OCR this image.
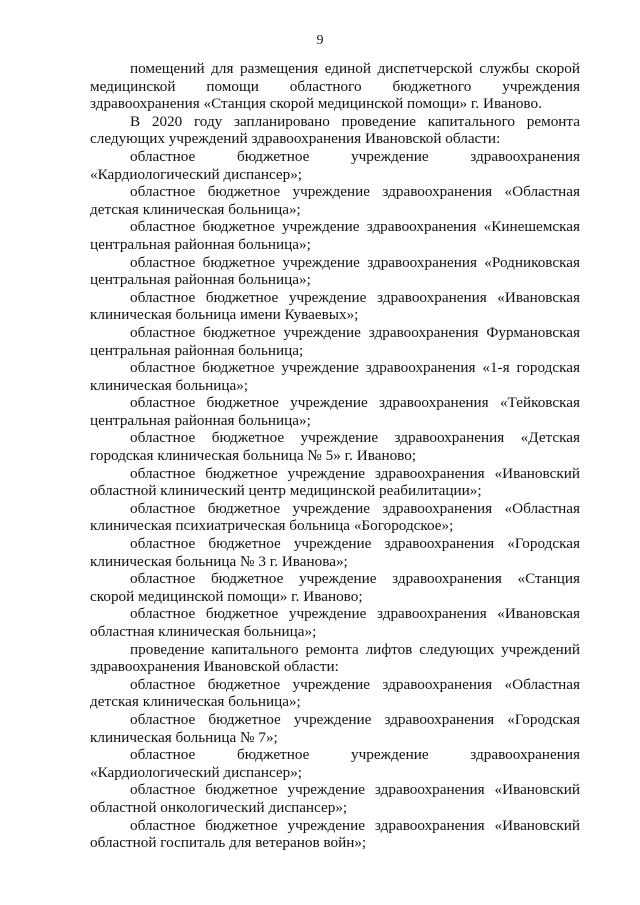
9

помещений для размещения единой диспетчерской службы скорой медицинской помощи областного бюджетного учреждения здравоохранения «Станция скорой медицинской помощи» г. Иваново.

В 2020 году запланировано проведение капитального ремонта следующих учреждений здравоохранения Ивановской области:

областное бюджетное учреждение здравоохранения «Кардиологический диспансер»;

областное бюджетное учреждение здравоохранения «Областная детская клиническая больница»;

областное бюджетное учреждение здравоохранения «Кинешемская центральная районная больница»;

областное бюджетное учреждение здравоохранения «Родниковская центральная районная больница»;

областное бюджетное учреждение здравоохранения «Ивановская клиническая больница имени Куваевых»;

областное бюджетное учреждение здравоохранения Фурмановская центральная районная больница;

областное бюджетное учреждение здравоохранения «1-я городская клиническая больница»;

областное бюджетное учреждение здравоохранения «Тейковская центральная районная больница»;

областное бюджетное учреждение здравоохранения «Детская городская клиническая больница № 5» г. Иваново;

областное бюджетное учреждение здравоохранения «Ивановский областной клинический центр медицинской реабилитации»;

областное бюджетное учреждение здравоохранения «Областная клиническая психиатрическая больница «Богородское»;

областное бюджетное учреждение здравоохранения «Городская клиническая больница № 3 г. Иванова»;

областное бюджетное учреждение здравоохранения «Станция скорой медицинской помощи» г. Иваново;

областное бюджетное учреждение здравоохранения «Ивановская областная клиническая больница»;

проведение капитального ремонта лифтов следующих учреждений здравоохранения Ивановской области:

областное бюджетное учреждение здравоохранения «Областная детская клиническая больница»;

областное бюджетное учреждение здравоохранения «Городская клиническая больница № 7»;

областное бюджетное учреждение здравоохранения «Кардиологический диспансер»;

областное бюджетное учреждение здравоохранения «Ивановский областной онкологический диспансер»;

областное бюджетное учреждение здравоохранения «Ивановский областной госпиталь для ветеранов войн»;
